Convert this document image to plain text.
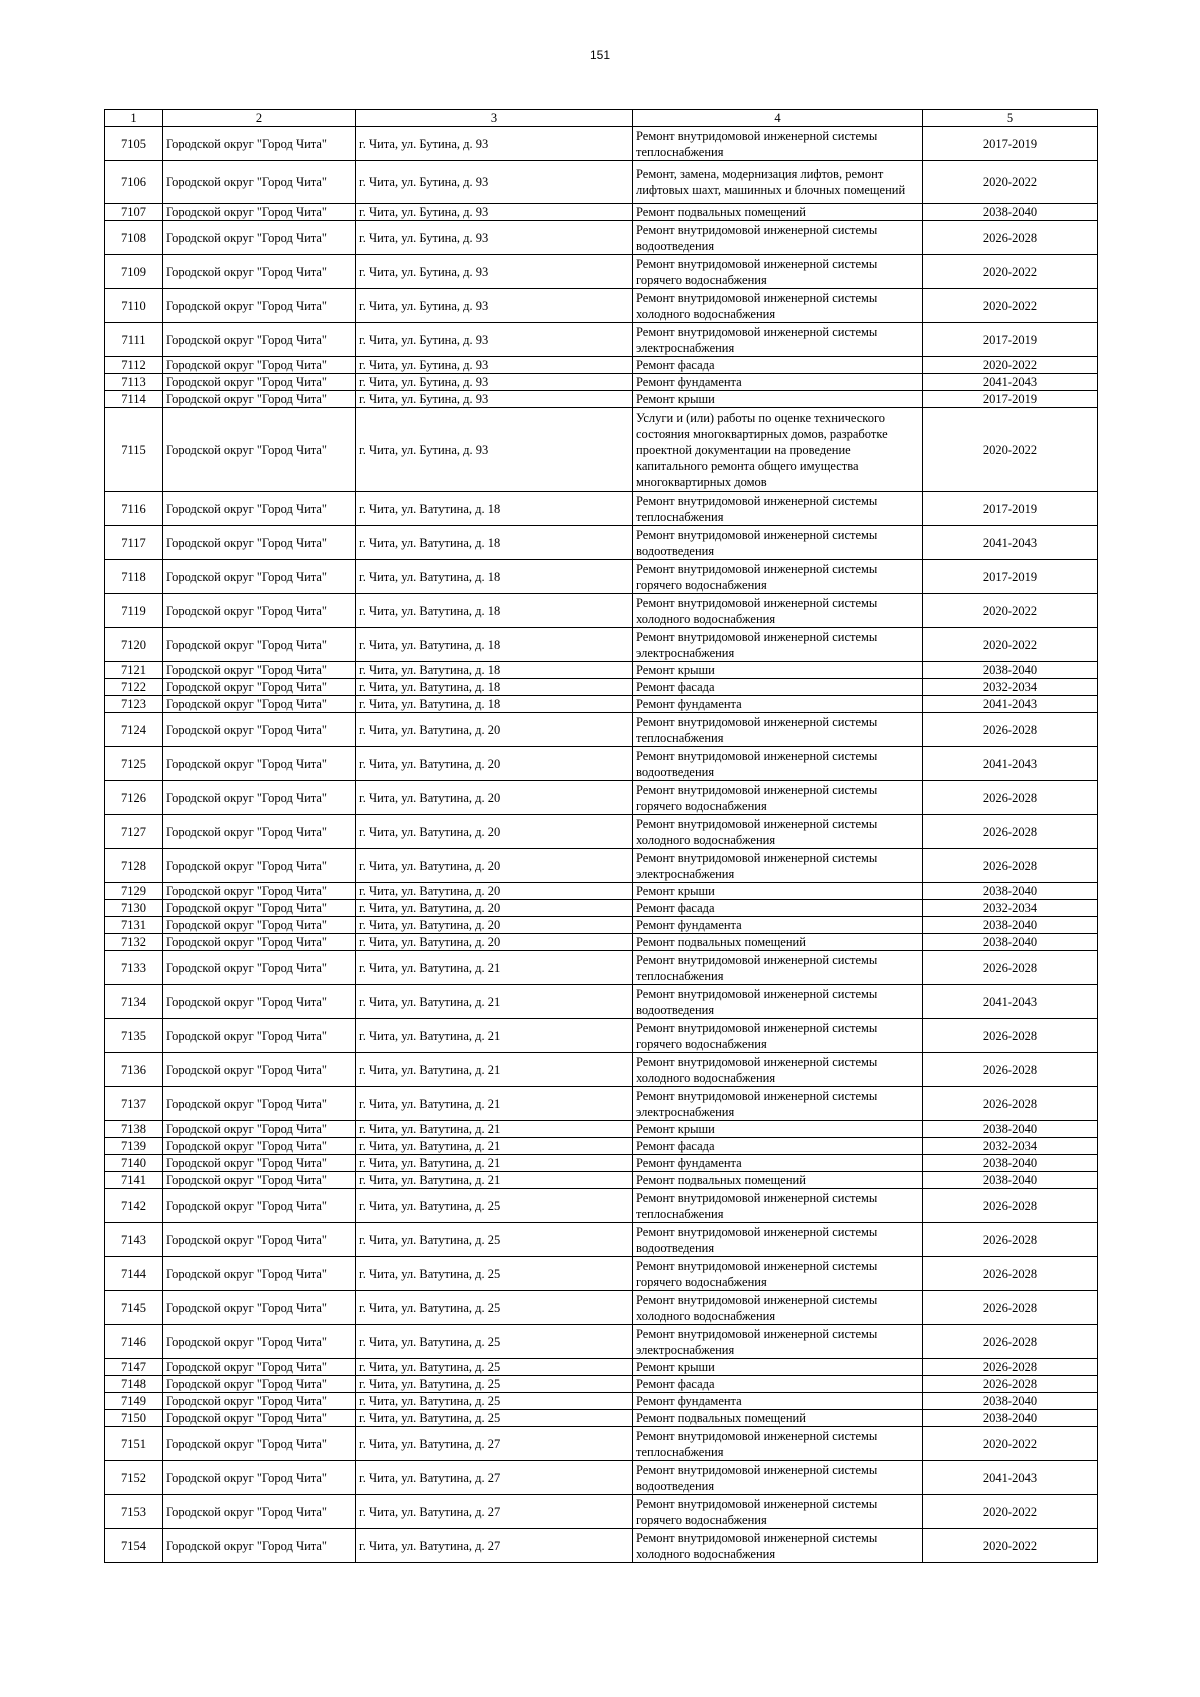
151
1	2	3	4	5
7105	Городской округ "Город Чита"	г. Чита, ул. Бутина, д. 93	Ремонт внутридомовой инженерной системы теплоснабжения	2017-2019
7106	Городской округ "Город Чита"	г. Чита, ул. Бутина, д. 93	Ремонт, замена, модернизация лифтов, ремонт лифтовых шахт, машинных и блочных помещений	2020-2022
7107	Городской округ "Город Чита"	г. Чита, ул. Бутина, д. 93	Ремонт подвальных помещений	2038-2040
7108	Городской округ "Город Чита"	г. Чита, ул. Бутина, д. 93	Ремонт внутридомовой инженерной системы водоотведения	2026-2028
7109	Городской округ "Город Чита"	г. Чита, ул. Бутина, д. 93	Ремонт внутридомовой инженерной системы горячего водоснабжения	2020-2022
7110	Городской округ "Город Чита"	г. Чита, ул. Бутина, д. 93	Ремонт внутридомовой инженерной системы холодного водоснабжения	2020-2022
7111	Городской округ "Город Чита"	г. Чита, ул. Бутина, д. 93	Ремонт внутридомовой инженерной системы электроснабжения	2017-2019
7112	Городской округ "Город Чита"	г. Чита, ул. Бутина, д. 93	Ремонт фасада	2020-2022
7113	Городской округ "Город Чита"	г. Чита, ул. Бутина, д. 93	Ремонт фундамента	2041-2043
7114	Городской округ "Город Чита"	г. Чита, ул. Бутина, д. 93	Ремонт крыши	2017-2019
7115	Городской округ "Город Чита"	г. Чита, ул. Бутина, д. 93	Услуги и (или) работы по оценке технического состояния многоквартирных домов, разработке проектной документации на проведение капитального ремонта общего имущества многоквартирных домов	2020-2022
7116	Городской округ "Город Чита"	г. Чита, ул. Ватутина, д. 18	Ремонт внутридомовой инженерной системы теплоснабжения	2017-2019
7117	Городской округ "Город Чита"	г. Чита, ул. Ватутина, д. 18	Ремонт внутридомовой инженерной системы водоотведения	2041-2043
7118	Городской округ "Город Чита"	г. Чита, ул. Ватутина, д. 18	Ремонт внутридомовой инженерной системы горячего водоснабжения	2017-2019
7119	Городской округ "Город Чита"	г. Чита, ул. Ватутина, д. 18	Ремонт внутридомовой инженерной системы холодного водоснабжения	2020-2022
7120	Городской округ "Город Чита"	г. Чита, ул. Ватутина, д. 18	Ремонт внутридомовой инженерной системы электроснабжения	2020-2022
7121	Городской округ "Город Чита"	г. Чита, ул. Ватутина, д. 18	Ремонт крыши	2038-2040
7122	Городской округ "Город Чита"	г. Чита, ул. Ватутина, д. 18	Ремонт фасада	2032-2034
7123	Городской округ "Город Чита"	г. Чита, ул. Ватутина, д. 18	Ремонт фундамента	2041-2043
7124	Городской округ "Город Чита"	г. Чита, ул. Ватутина, д. 20	Ремонт внутридомовой инженерной системы теплоснабжения	2026-2028
7125	Городской округ "Город Чита"	г. Чита, ул. Ватутина, д. 20	Ремонт внутридомовой инженерной системы водоотведения	2041-2043
7126	Городской округ "Город Чита"	г. Чита, ул. Ватутина, д. 20	Ремонт внутридомовой инженерной системы горячего водоснабжения	2026-2028
7127	Городской округ "Город Чита"	г. Чита, ул. Ватутина, д. 20	Ремонт внутридомовой инженерной системы холодного водоснабжения	2026-2028
7128	Городской округ "Город Чита"	г. Чита, ул. Ватутина, д. 20	Ремонт внутридомовой инженерной системы электроснабжения	2026-2028
7129	Городской округ "Город Чита"	г. Чита, ул. Ватутина, д. 20	Ремонт крыши	2038-2040
7130	Городской округ "Город Чита"	г. Чита, ул. Ватутина, д. 20	Ремонт фасада	2032-2034
7131	Городской округ "Город Чита"	г. Чита, ул. Ватутина, д. 20	Ремонт фундамента	2038-2040
7132	Городской округ "Город Чита"	г. Чита, ул. Ватутина, д. 20	Ремонт подвальных помещений	2038-2040
7133	Городской округ "Город Чита"	г. Чита, ул. Ватутина, д. 21	Ремонт внутридомовой инженерной системы теплоснабжения	2026-2028
7134	Городской округ "Город Чита"	г. Чита, ул. Ватутина, д. 21	Ремонт внутридомовой инженерной системы водоотведения	2041-2043
7135	Городской округ "Город Чита"	г. Чита, ул. Ватутина, д. 21	Ремонт внутридомовой инженерной системы горячего водоснабжения	2026-2028
7136	Городской округ "Город Чита"	г. Чита, ул. Ватутина, д. 21	Ремонт внутридомовой инженерной системы холодного водоснабжения	2026-2028
7137	Городской округ "Город Чита"	г. Чита, ул. Ватутина, д. 21	Ремонт внутридомовой инженерной системы электроснабжения	2026-2028
7138	Городской округ "Город Чита"	г. Чита, ул. Ватутина, д. 21	Ремонт крыши	2038-2040
7139	Городской округ "Город Чита"	г. Чита, ул. Ватутина, д. 21	Ремонт фасада	2032-2034
7140	Городской округ "Город Чита"	г. Чита, ул. Ватутина, д. 21	Ремонт фундамента	2038-2040
7141	Городской округ "Город Чита"	г. Чита, ул. Ватутина, д. 21	Ремонт подвальных помещений	2038-2040
7142	Городской округ "Город Чита"	г. Чита, ул. Ватутина, д. 25	Ремонт внутридомовой инженерной системы теплоснабжения	2026-2028
7143	Городской округ "Город Чита"	г. Чита, ул. Ватутина, д. 25	Ремонт внутридомовой инженерной системы водоотведения	2026-2028
7144	Городской округ "Город Чита"	г. Чита, ул. Ватутина, д. 25	Ремонт внутридомовой инженерной системы горячего водоснабжения	2026-2028
7145	Городской округ "Город Чита"	г. Чита, ул. Ватутина, д. 25	Ремонт внутридомовой инженерной системы холодного водоснабжения	2026-2028
7146	Городской округ "Город Чита"	г. Чита, ул. Ватутина, д. 25	Ремонт внутридомовой инженерной системы электроснабжения	2026-2028
7147	Городской округ "Город Чита"	г. Чита, ул. Ватутина, д. 25	Ремонт крыши	2026-2028
7148	Городской округ "Город Чита"	г. Чита, ул. Ватутина, д. 25	Ремонт фасада	2026-2028
7149	Городской округ "Город Чита"	г. Чита, ул. Ватутина, д. 25	Ремонт фундамента	2038-2040
7150	Городской округ "Город Чита"	г. Чита, ул. Ватутина, д. 25	Ремонт подвальных помещений	2038-2040
7151	Городской округ "Город Чита"	г. Чита, ул. Ватутина, д. 27	Ремонт внутридомовой инженерной системы теплоснабжения	2020-2022
7152	Городской округ "Город Чита"	г. Чита, ул. Ватутина, д. 27	Ремонт внутридомовой инженерной системы водоотведения	2041-2043
7153	Городской округ "Город Чита"	г. Чита, ул. Ватутина, д. 27	Ремонт внутридомовой инженерной системы горячего водоснабжения	2020-2022
7154	Городской округ "Город Чита"	г. Чита, ул. Ватутина, д. 27	Ремонт внутридомовой инженерной системы холодного водоснабжения	2020-2022
